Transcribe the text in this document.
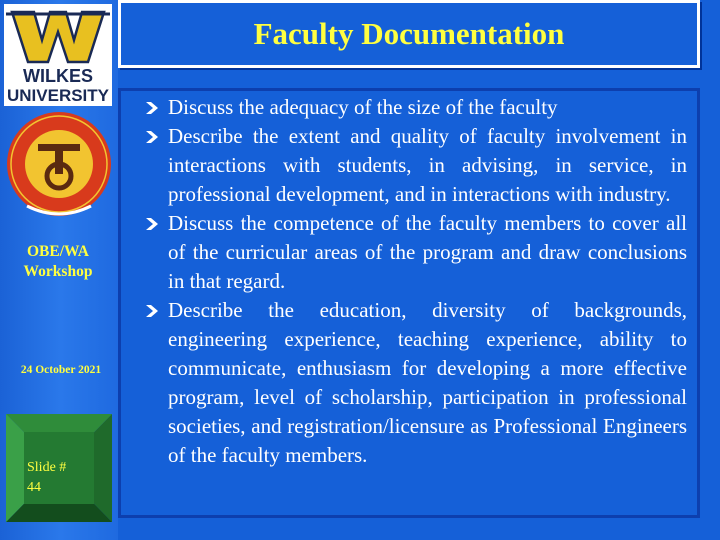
WILKES
UNIVERSITY
OBE/WA
Workshop
24 October 2021
Slide #
44
Faculty Documentation
Discuss the adequacy of the size of the faculty
Describe the extent and quality of faculty involvement in interactions with students, in advising, in service, in professional development, and in interactions with industry.
Discuss the competence of the faculty members to cover all of the curricular areas of the program and draw conclusions in that regard.
Describe the education, diversity of backgrounds, engineering experience, teaching experience, ability to communicate, enthusiasm for developing a more effective program, level of scholarship, participation in professional societies, and registration/licensure as Professional Engineers of the faculty members.
